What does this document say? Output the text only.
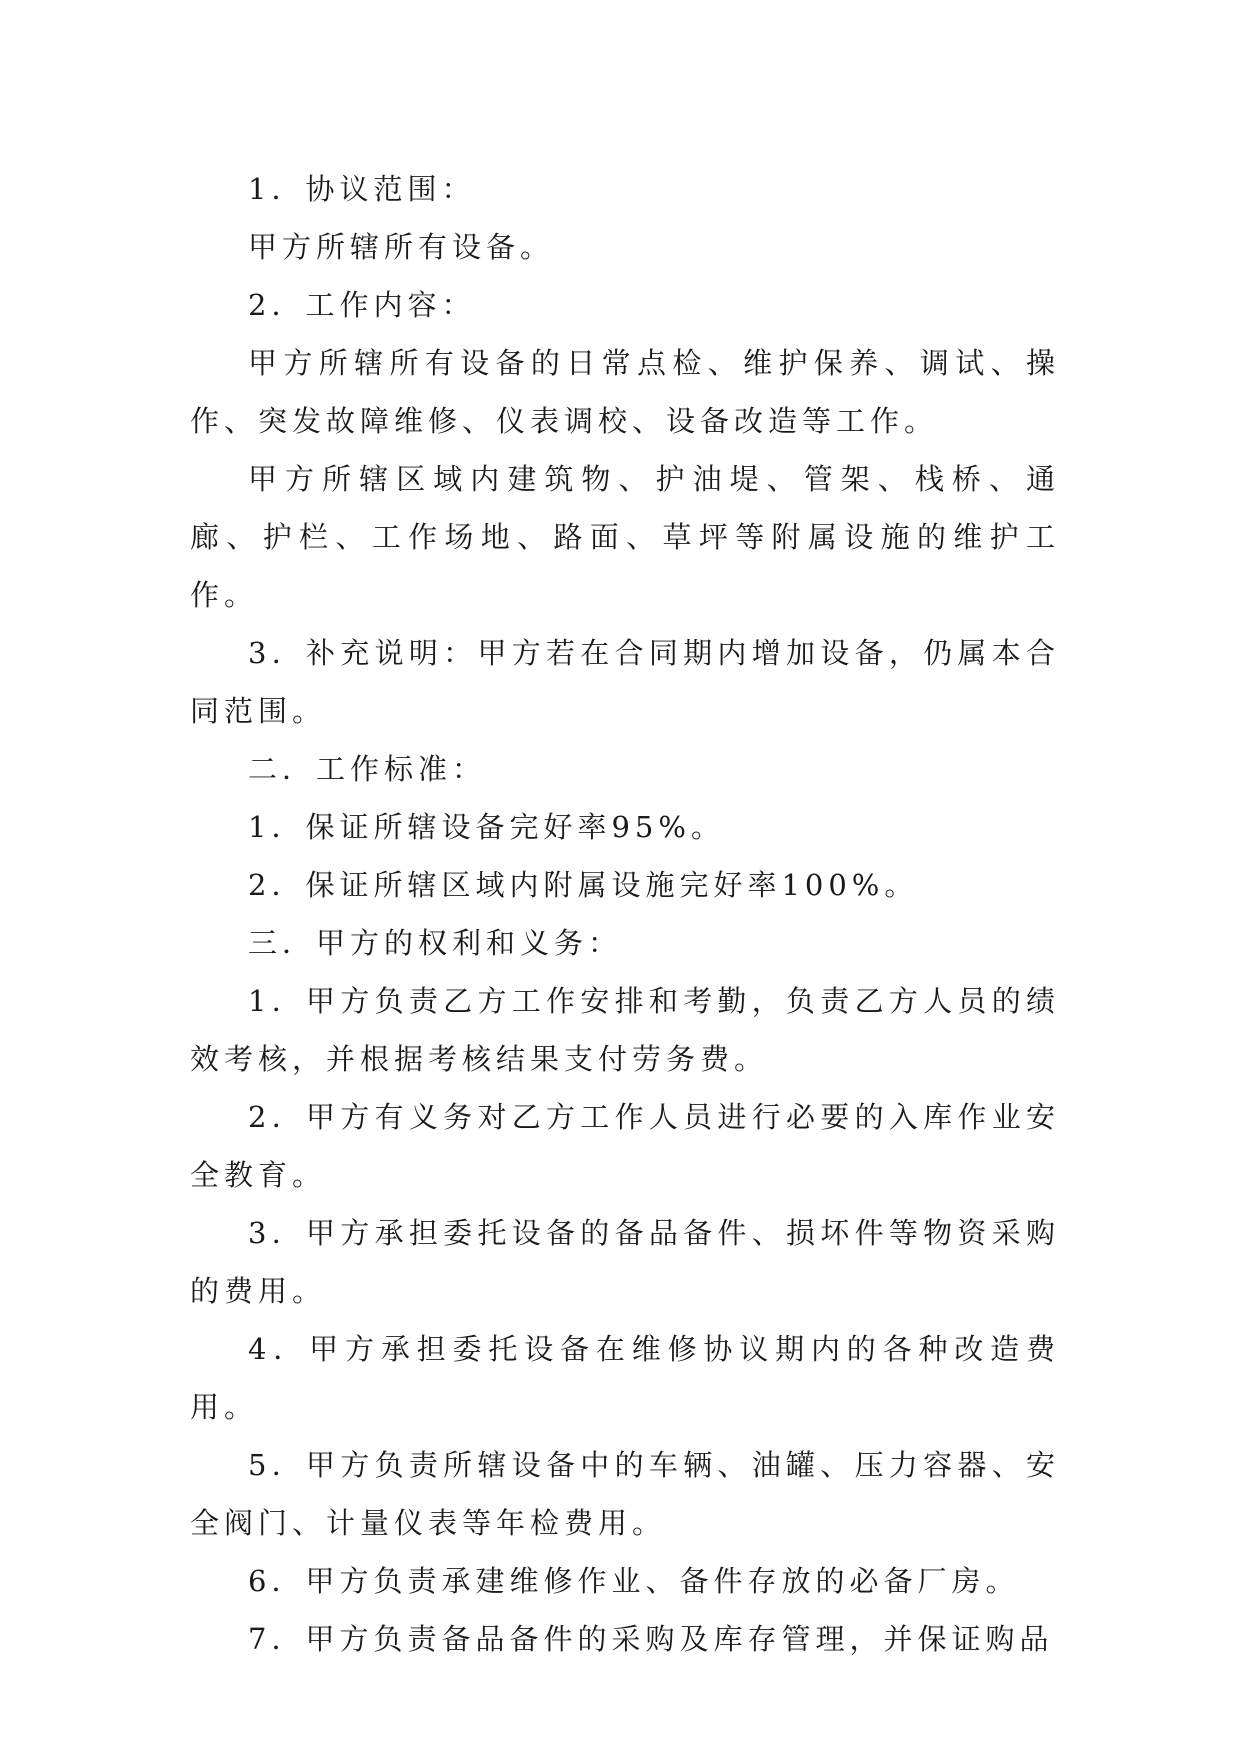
1．协议范围：

甲方所辖所有设备。

2．工作内容：

甲方所辖所有设备的日常点检、维护保养、调试、操作、突发故障维修、仪表调校、设备改造等工作。

甲方所辖区域内建筑物、护油堤、管架、栈桥、通廊、护栏、工作场地、路面、草坪等附属设施的维护工作。

3．补充说明：甲方若在合同期内增加设备，仍属本合同范围。

二．工作标准：

1．保证所辖设备完好率95%。

2．保证所辖区域内附属设施完好率100%。

三．甲方的权利和义务：

1．甲方负责乙方工作安排和考勤，负责乙方人员的绩效考核，并根据考核结果支付劳务费。

2．甲方有义务对乙方工作人员进行必要的入库作业安全教育。

3．甲方承担委托设备的备品备件、损坏件等物资采购的费用。

4．甲方承担委托设备在维修协议期内的各种改造费用。

5．甲方负责所辖设备中的车辆、油罐、压力容器、安全阀门、计量仪表等年检费用。

6．甲方负责承建维修作业、备件存放的必备厂房。

7．甲方负责备品备件的采购及库存管理，并保证购品
